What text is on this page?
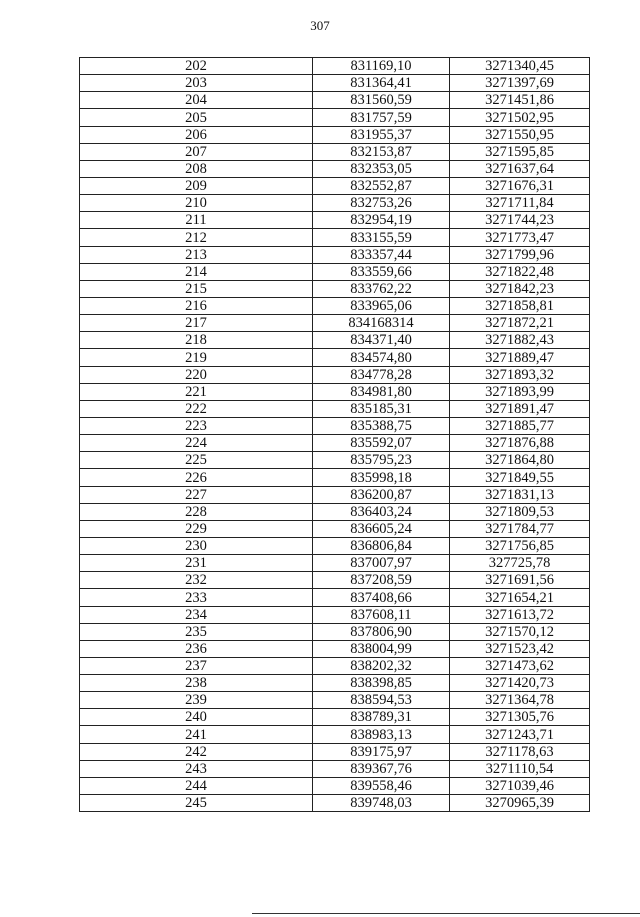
307
202	831169,10	3271340,45
203	831364,41	3271397,69
204	831560,59	3271451,86
205	831757,59	3271502,95
206	831955,37	3271550,95
207	832153,87	3271595,85
208	832353,05	3271637,64
209	832552,87	3271676,31
210	832753,26	3271711,84
211	832954,19	3271744,23
212	833155,59	3271773,47
213	833357,44	3271799,96
214	833559,66	3271822,48
215	833762,22	3271842,23
216	833965,06	3271858,81
217	834168314	3271872,21
218	834371,40	3271882,43
219	834574,80	3271889,47
220	834778,28	3271893,32
221	834981,80	3271893,99
222	835185,31	3271891,47
223	835388,75	3271885,77
224	835592,07	3271876,88
225	835795,23	3271864,80
226	835998,18	3271849,55
227	836200,87	3271831,13
228	836403,24	3271809,53
229	836605,24	3271784,77
230	836806,84	3271756,85
231	837007,97	327725,78
232	837208,59	3271691,56
233	837408,66	3271654,21
234	837608,11	3271613,72
235	837806,90	3271570,12
236	838004,99	3271523,42
237	838202,32	3271473,62
238	838398,85	3271420,73
239	838594,53	3271364,78
240	838789,31	3271305,76
241	838983,13	3271243,71
242	839175,97	3271178,63
243	839367,76	3271110,54
244	839558,46	3271039,46
245	839748,03	3270965,39
